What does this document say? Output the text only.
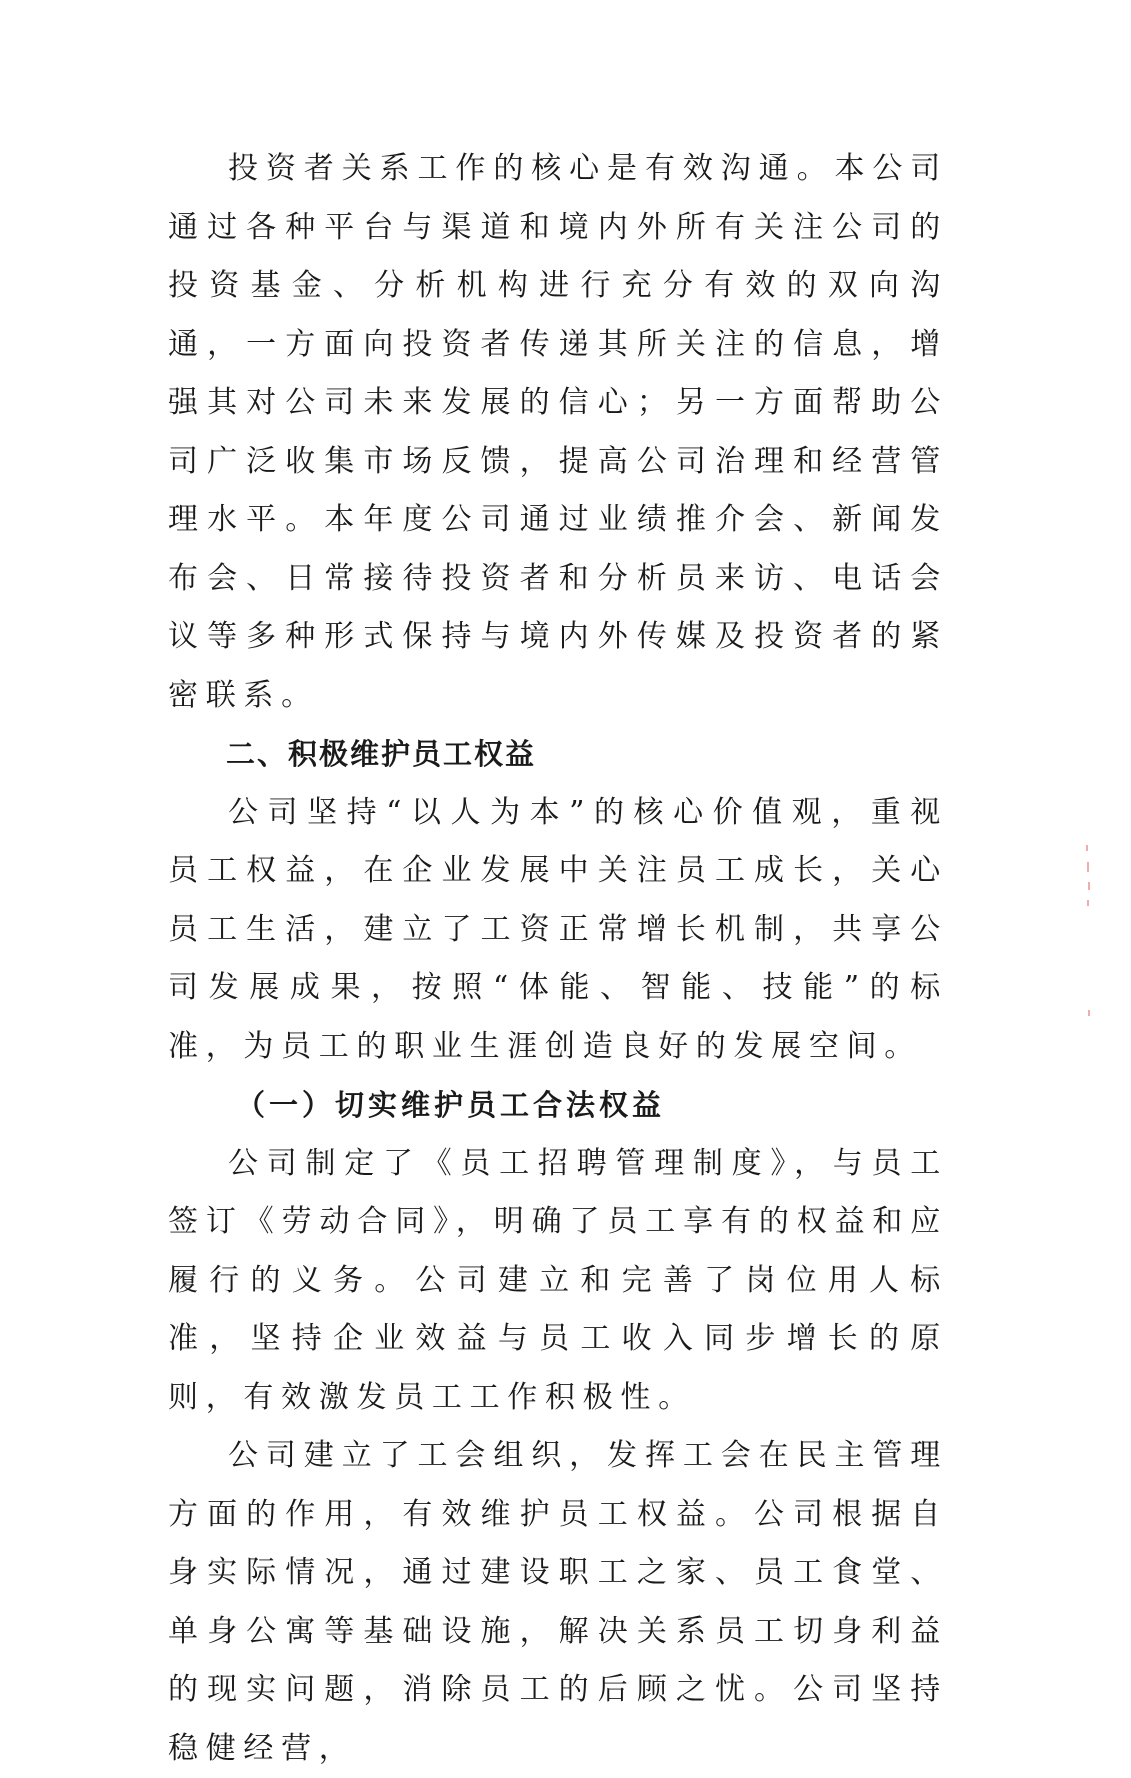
投资者关系工作的核心是有效沟通。本公司通过各种平台与渠道和境内外所有关注公司的投资基金、分析机构进行充分有效的双向沟通，一方面向投资者传递其所关注的信息，增强其对公司未来发展的信心；另一方面帮助公司广泛收集市场反馈，提高公司治理和经营管理水平。本年度公司通过业绩推介会、新闻发布会、日常接待投资者和分析员来访、电话会议等多种形式保持与境内外传媒及投资者的紧密联系。

二、积极维护员工权益

公司坚持“以人为本”的核心价值观，重视员工权益，在企业发展中关注员工成长，关心员工生活，建立了工资正常增长机制，共享公司发展成果，按照“体能、智能、技能”的标准，为员工的职业生涯创造良好的发展空间。

（一）切实维护员工合法权益

公司制定了《员工招聘管理制度》，与员工签订《劳动合同》，明确了员工享有的权益和应履行的义务。公司建立和完善了岗位用人标准，坚持企业效益与员工收入同步增长的原则，有效激发员工工作积极性。

公司建立了工会组织，发挥工会在民主管理方面的作用，有效维护员工权益。公司根据自身实际情况，通过建设职工之家、员工食堂、单身公寓等基础设施，解决关系员工切身利益的现实问题，消除员工的后顾之忧。公司坚持稳健经营，
